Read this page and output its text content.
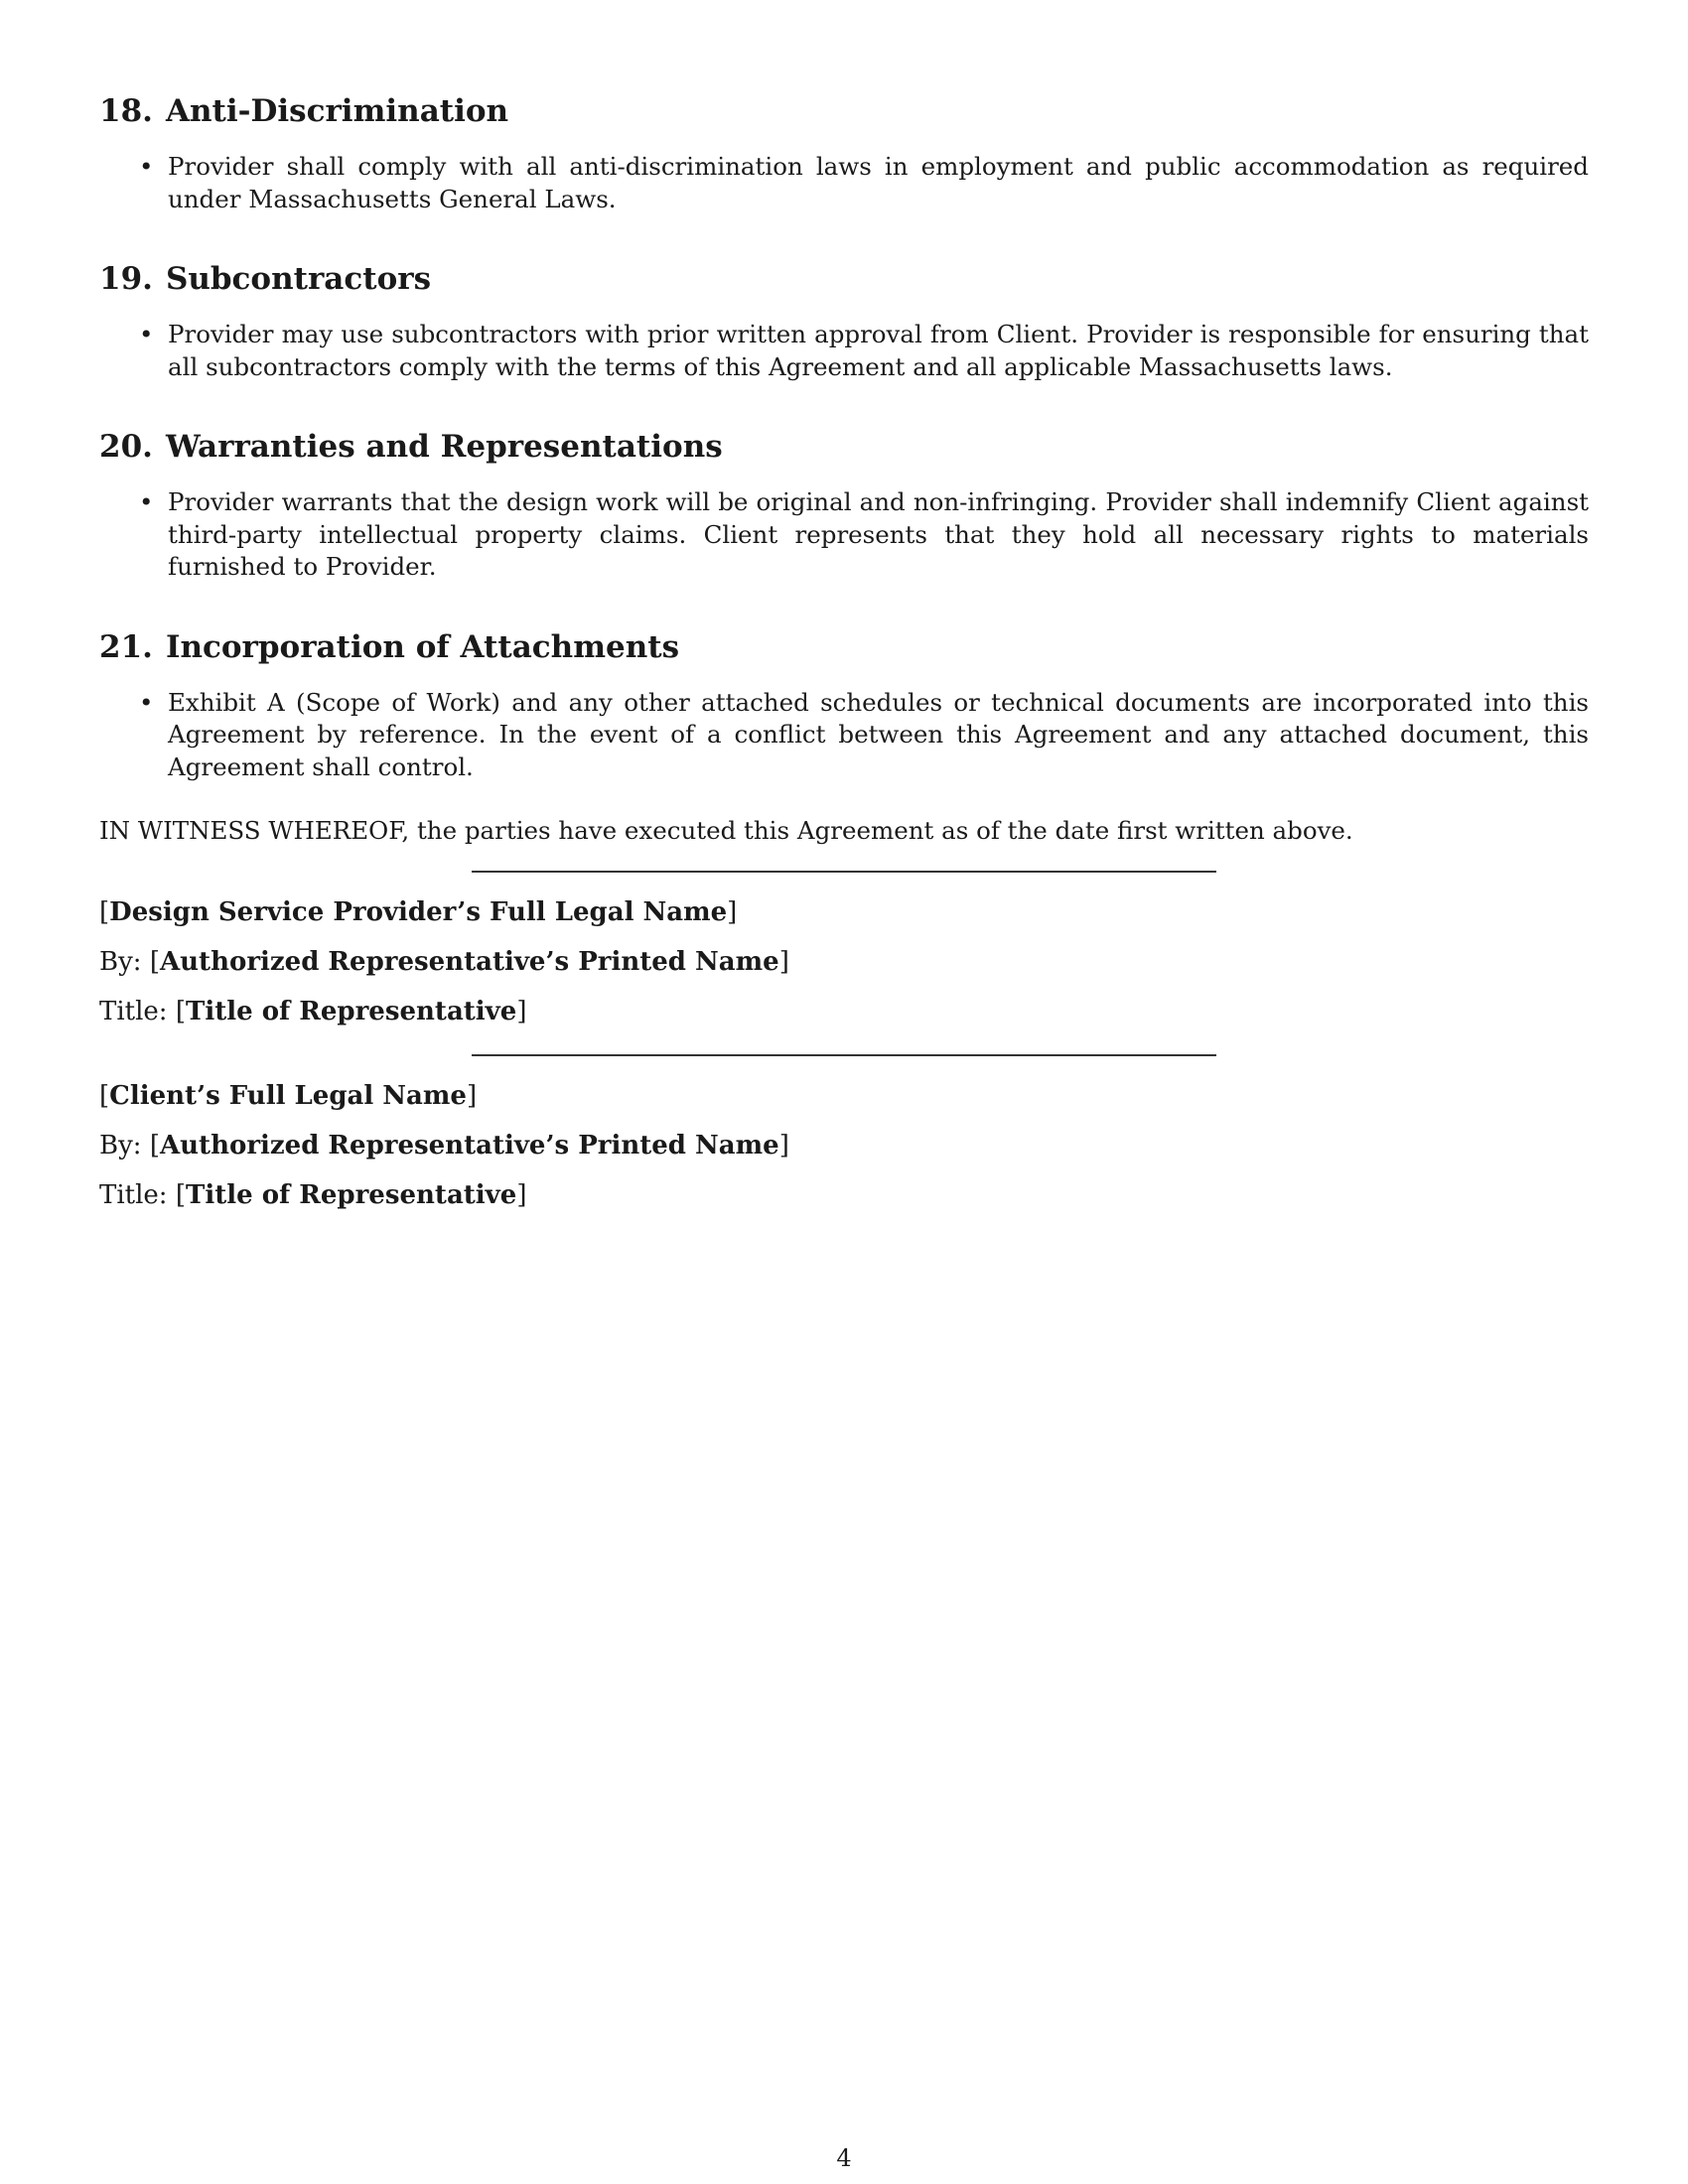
18. Anti-Discrimination
• Provider shall comply with all anti-discrimination laws in employment and public accommodation as required under Massachusetts General Laws.
19. Subcontractors
• Provider may use subcontractors with prior written approval from Client. Provider is responsible for ensuring that all subcontractors comply with the terms of this Agreement and all applicable Massachusetts laws.
20. Warranties and Representations
• Provider warrants that the design work will be original and non-infringing. Provider shall indemnify Client against third-party intellectual property claims. Client represents that they hold all necessary rights to materials furnished to Provider.
21. Incorporation of Attachments
• Exhibit A (Scope of Work) and any other attached schedules or technical documents are incorporated into this Agreement by reference. In the event of a conflict between this Agreement and any attached document, this Agreement shall control.

IN WITNESS WHEREOF, the parties have executed this Agreement as of the date first written above.

[Design Service Provider’s Full Legal Name]
By: [Authorized Representative’s Printed Name]
Title: [Title of Representative]
[Client’s Full Legal Name]
By: [Authorized Representative’s Printed Name]
Title: [Title of Representative]
4
